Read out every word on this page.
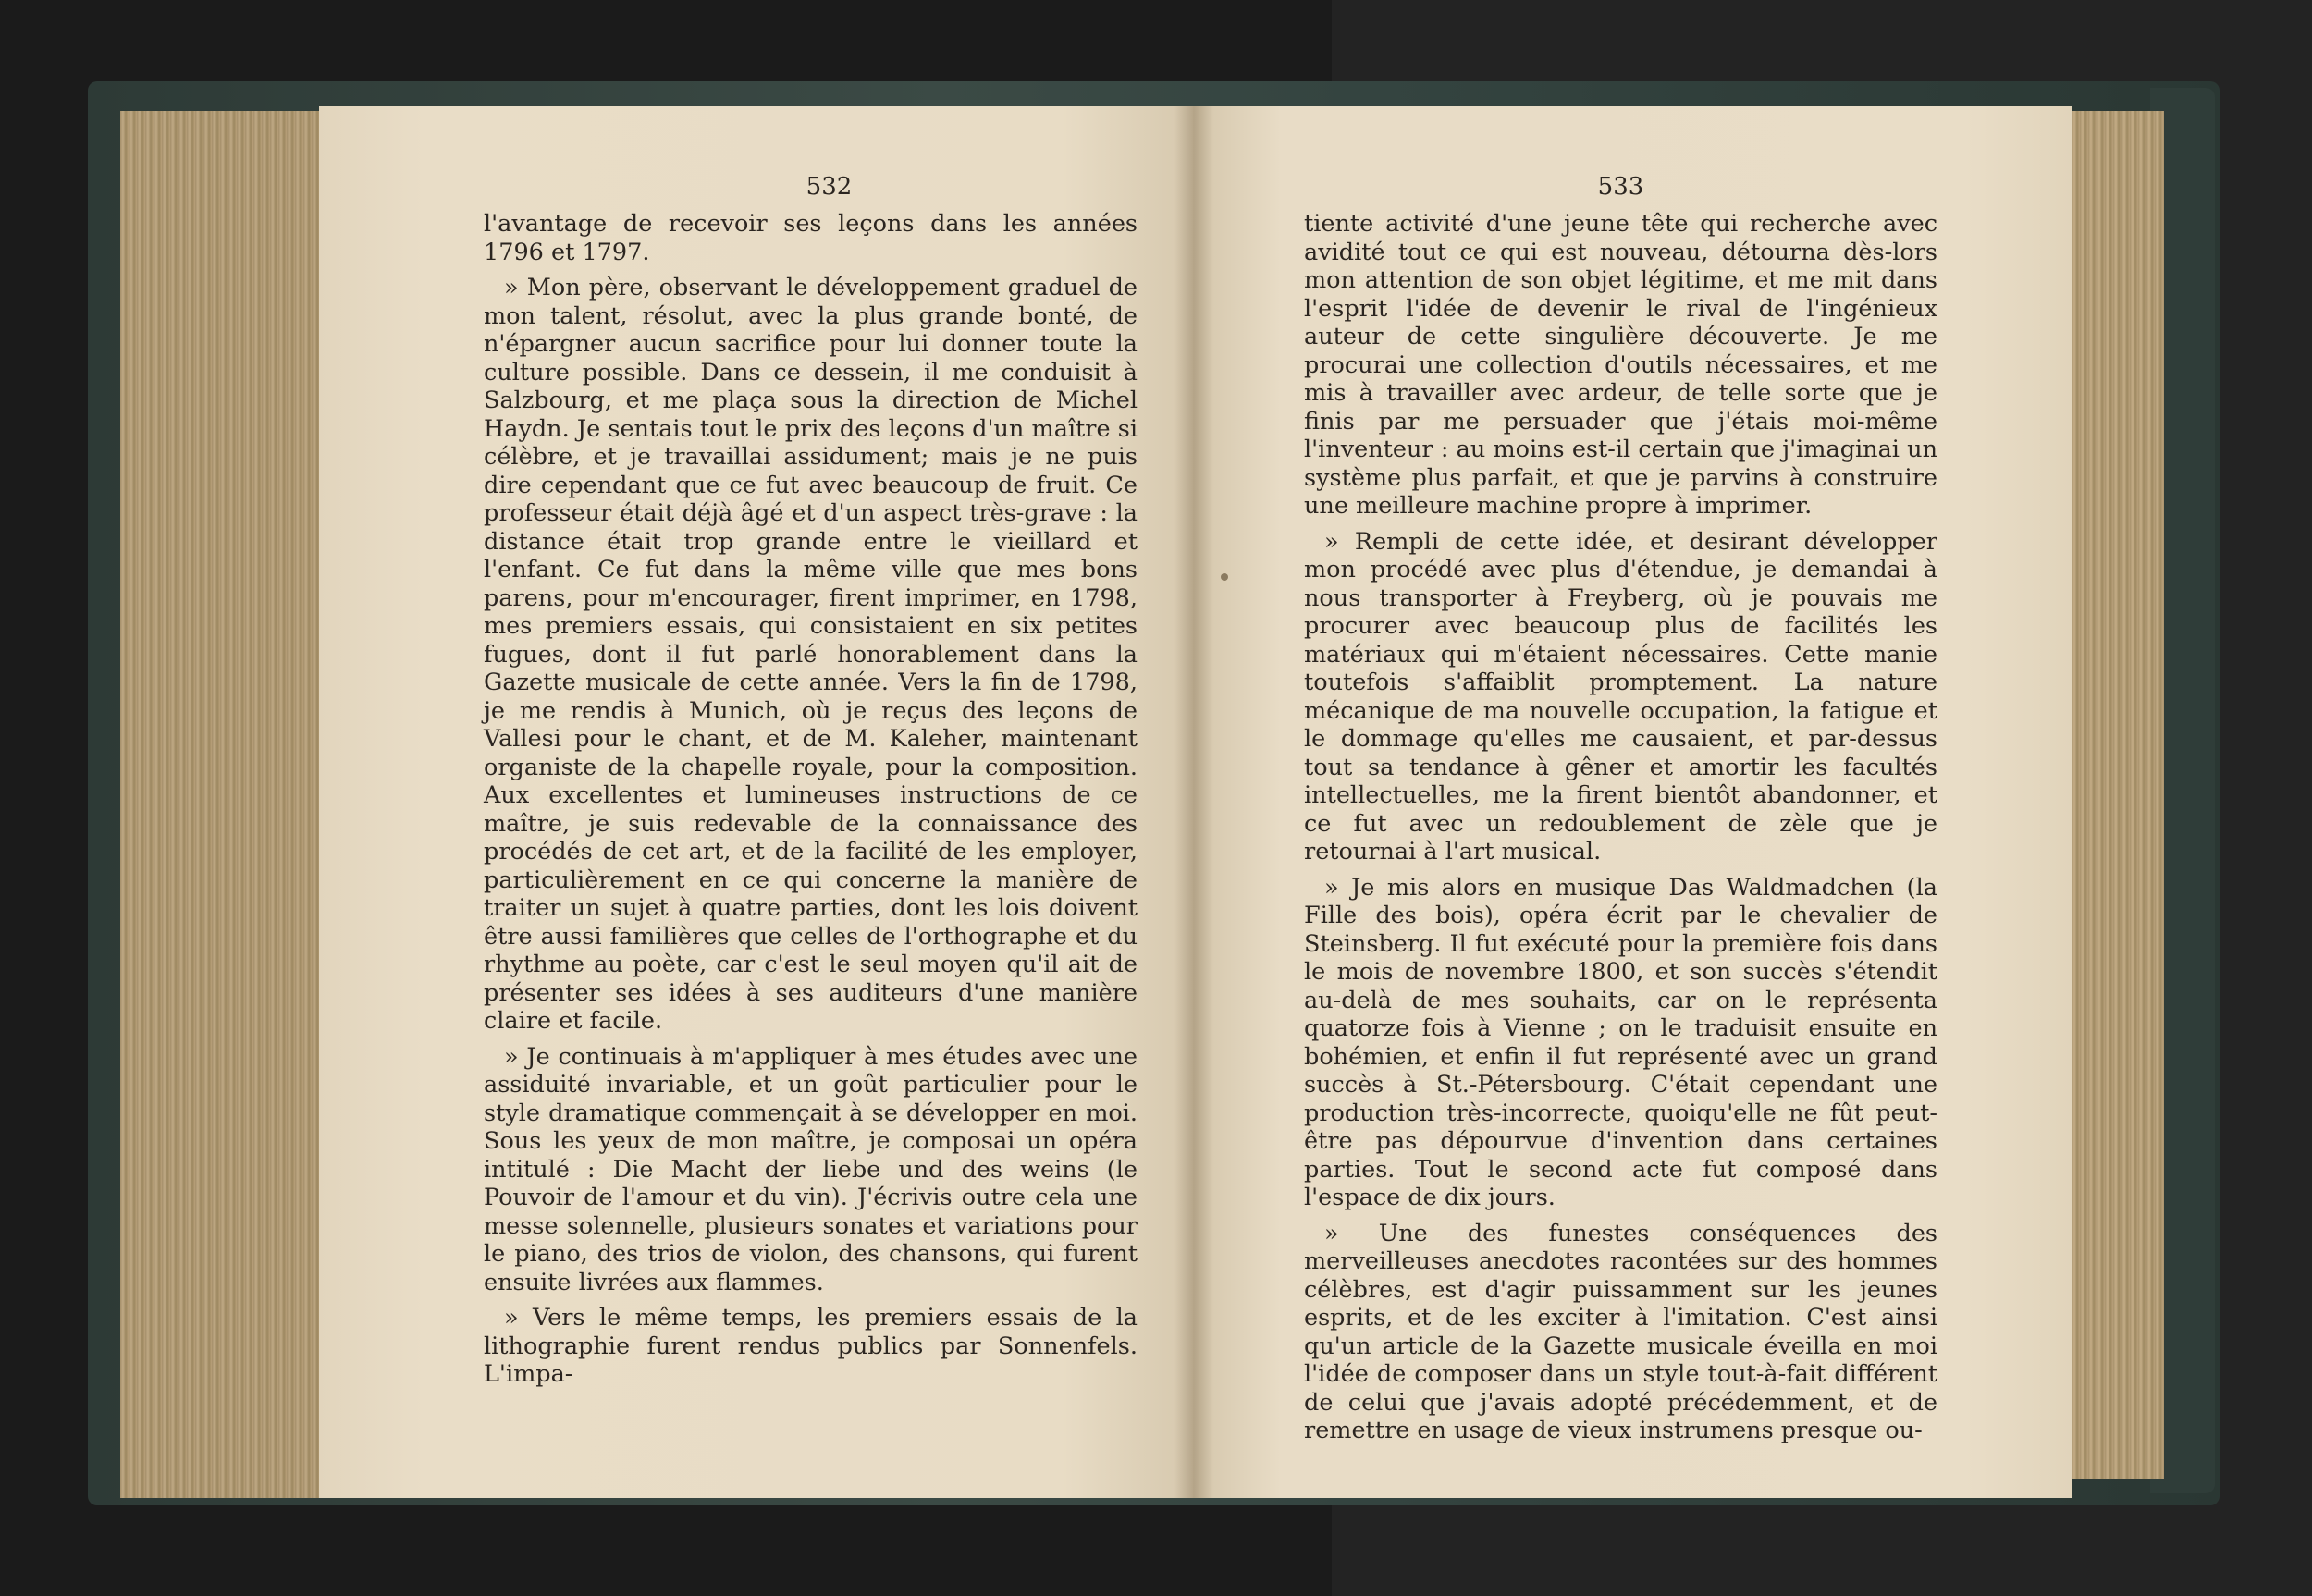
532

l'avantage de recevoir ses leçons dans les années 1796 et 1797.

» Mon père, observant le développement graduel de mon talent, résolut, avec la plus grande bonté, de n'épargner aucun sacrifice pour lui donner toute la culture possible. Dans ce dessein, il me conduisit à Salzbourg, et me plaça sous la direction de Michel Haydn. Je sentais tout le prix des leçons d'un maître si célèbre, et je travaillai assidument; mais je ne puis dire cependant que ce fut avec beaucoup de fruit. Ce professeur était déjà âgé et d'un aspect très-grave : la distance était trop grande entre le vieillard et l'enfant. Ce fut dans la même ville que mes bons parens, pour m'encourager, firent imprimer, en 1798, mes premiers essais, qui consistaient en six petites fugues, dont il fut parlé honorablement dans la Gazette musicale de cette année. Vers la fin de 1798, je me rendis à Munich, où je reçus des leçons de Vallesi pour le chant, et de M. Kaleher, maintenant organiste de la chapelle royale, pour la composition. Aux excellentes et lumineuses instructions de ce maître, je suis redevable de la connaissance des procédés de cet art, et de la facilité de les employer, particulièrement en ce qui concerne la manière de traiter un sujet à quatre parties, dont les lois doivent être aussi familières que celles de l'orthographe et du rhythme au poète, car c'est le seul moyen qu'il ait de présenter ses idées à ses auditeurs d'une manière claire et facile.

» Je continuais à m'appliquer à mes études avec une assiduité invariable, et un goût particulier pour le style dramatique commençait à se développer en moi. Sous les yeux de mon maître, je composai un opéra intitulé : Die Macht der liebe und des weins (le Pouvoir de l'amour et du vin). J'écrivis outre cela une messe solennelle, plusieurs sonates et variations pour le piano, des trios de violon, des chansons, qui furent ensuite livrées aux flammes.

» Vers le même temps, les premiers essais de la lithographie furent rendus publics par Sonnenfels. L'impa-

533

tiente activité d'une jeune tête qui recherche avec avidité tout ce qui est nouveau, détourna dès-lors mon attention de son objet légitime, et me mit dans l'esprit l'idée de devenir le rival de l'ingénieux auteur de cette singulière découverte. Je me procurai une collection d'outils nécessaires, et me mis à travailler avec ardeur, de telle sorte que je finis par me persuader que j'étais moi-même l'inventeur : au moins est-il certain que j'imaginai un système plus parfait, et que je parvins à construire une meilleure machine propre à imprimer.

» Rempli de cette idée, et desirant développer mon procédé avec plus d'étendue, je demandai à nous transporter à Freyberg, où je pouvais me procurer avec beaucoup plus de facilités les matériaux qui m'étaient nécessaires. Cette manie toutefois s'affaiblit promptement. La nature mécanique de ma nouvelle occupation, la fatigue et le dommage qu'elles me causaient, et par-dessus tout sa tendance à gêner et amortir les facultés intellectuelles, me la firent bientôt abandonner, et ce fut avec un redoublement de zèle que je retournai à l'art musical.

» Je mis alors en musique Das Waldmadchen (la Fille des bois), opéra écrit par le chevalier de Steinsberg. Il fut exécuté pour la première fois dans le mois de novembre 1800, et son succès s'étendit au-delà de mes souhaits, car on le représenta quatorze fois à Vienne ; on le traduisit ensuite en bohémien, et enfin il fut représenté avec un grand succès à St.-Pétersbourg. C'était cependant une production très-incorrecte, quoiqu'elle ne fût peut-être pas dépourvue d'invention dans certaines parties. Tout le second acte fut composé dans l'espace de dix jours.

» Une des funestes conséquences des merveilleuses anecdotes racontées sur des hommes célèbres, est d'agir puissamment sur les jeunes esprits, et de les exciter à l'imitation. C'est ainsi qu'un article de la Gazette musicale éveilla en moi l'idée de composer dans un style tout-à-fait différent de celui que j'avais adopté précédemment, et de remettre en usage de vieux instrumens presque ou-
